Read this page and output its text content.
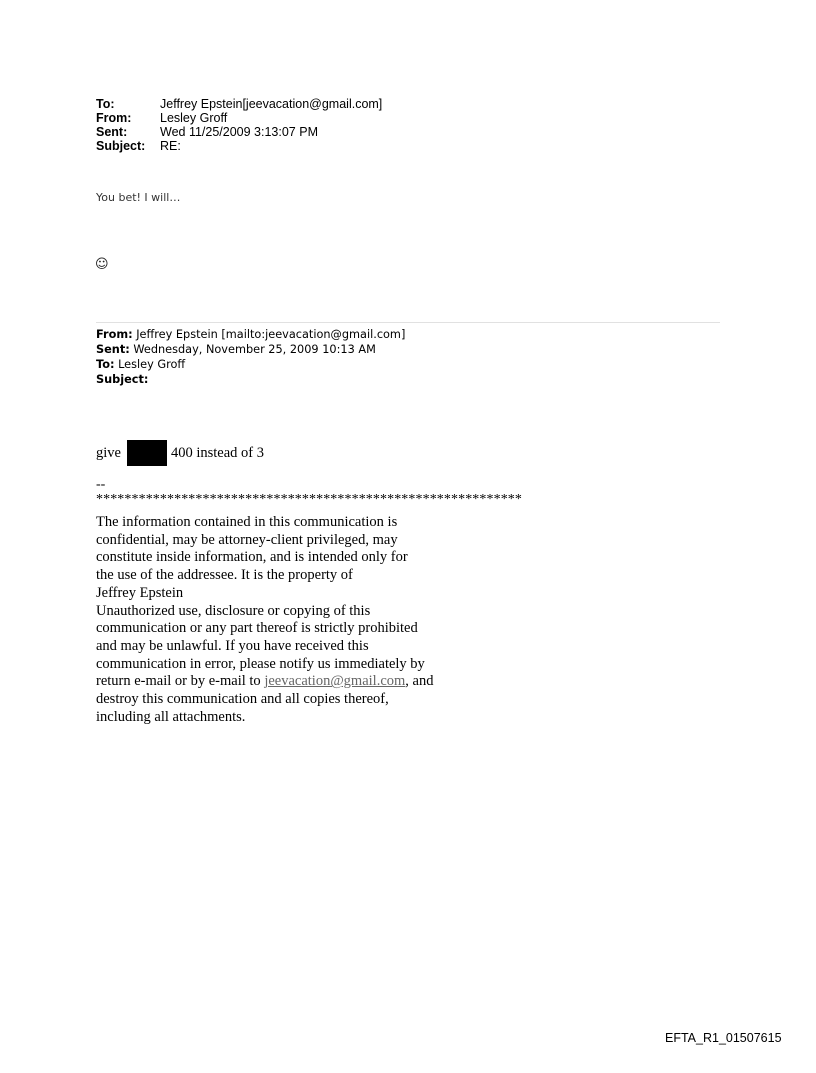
To:	Jeffrey Epstein[jeevacation@gmail.com]
From:	Lesley Groff
Sent:	Wed 11/25/2009 3:13:07 PM
Subject:	RE:
You bet! I will…
☺
From: Jeffrey Epstein [mailto:jeevacation@gmail.com]
Sent: Wednesday, November 25, 2009 10:13 AM
To: Lesley Groff
Subject:
give	400 instead of 3
--
************************************************************
The information contained in this communication is
confidential, may be attorney-client privileged, may
constitute inside information, and is intended only for
the use of the addressee. It is the property of
Jeffrey Epstein
Unauthorized use, disclosure or copying of this
communication or any part thereof is strictly prohibited
and may be unlawful. If you have received this
communication in error, please notify us immediately by
return e-mail or by e-mail to jeevacation@gmail.com, and
destroy this communication and all copies thereof,
including all attachments.
EFTA_R1_01507615
